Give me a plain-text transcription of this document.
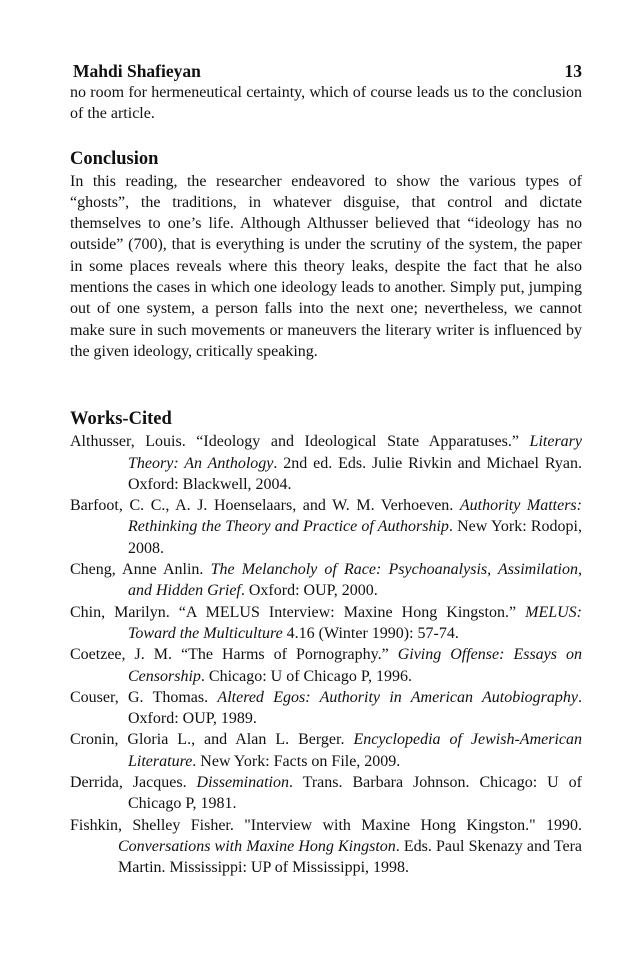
Mahdi Shafieyan	13

no room for hermeneutical certainty, which of course leads us to the conclusion of the article.

Conclusion

In this reading, the researcher endeavored to show the various types of “ghosts”, the traditions, in whatever disguise, that control and dictate themselves to one’s life. Although Althusser believed that “ideology has no outside” (700), that is everything is under the scrutiny of the system, the paper in some places reveals where this theory leaks, despite the fact that he also mentions the cases in which one ideology leads to another. Simply put, jumping out of one system, a person falls into the next one; nevertheless, we cannot make sure in such movements or maneuvers the literary writer is influenced by the given ideology, critically speaking.

Works-Cited

Althusser, Louis. “Ideology and Ideological State Apparatuses.” Literary Theory: An Anthology. 2nd ed. Eds. Julie Rivkin and Michael Ryan. Oxford: Blackwell, 2004.

Barfoot, C. C., A. J. Hoenselaars, and W. M. Verhoeven. Authority Matters: Rethinking the Theory and Practice of Authorship. New York: Rodopi, 2008.

Cheng, Anne Anlin. The Melancholy of Race: Psychoanalysis, Assimilation, and Hidden Grief. Oxford: OUP, 2000.

Chin, Marilyn. “A MELUS Interview: Maxine Hong Kingston.” MELUS: Toward the Multiculture 4.16 (Winter 1990): 57-74.

Coetzee, J. M. “The Harms of Pornography.” Giving Offense: Essays on Censorship. Chicago: U of Chicago P, 1996.

Couser, G. Thomas. Altered Egos: Authority in American Autobiography. Oxford: OUP, 1989.

Cronin, Gloria L., and Alan L. Berger. Encyclopedia of Jewish-American Literature. New York: Facts on File, 2009.

Derrida, Jacques. Dissemination. Trans. Barbara Johnson. Chicago: U of Chicago P, 1981.

Fishkin, Shelley Fisher. "Interview with Maxine Hong Kingston." 1990. Conversations with Maxine Hong Kingston. Eds. Paul Skenazy and Tera Martin. Mississippi: UP of Mississippi, 1998.
